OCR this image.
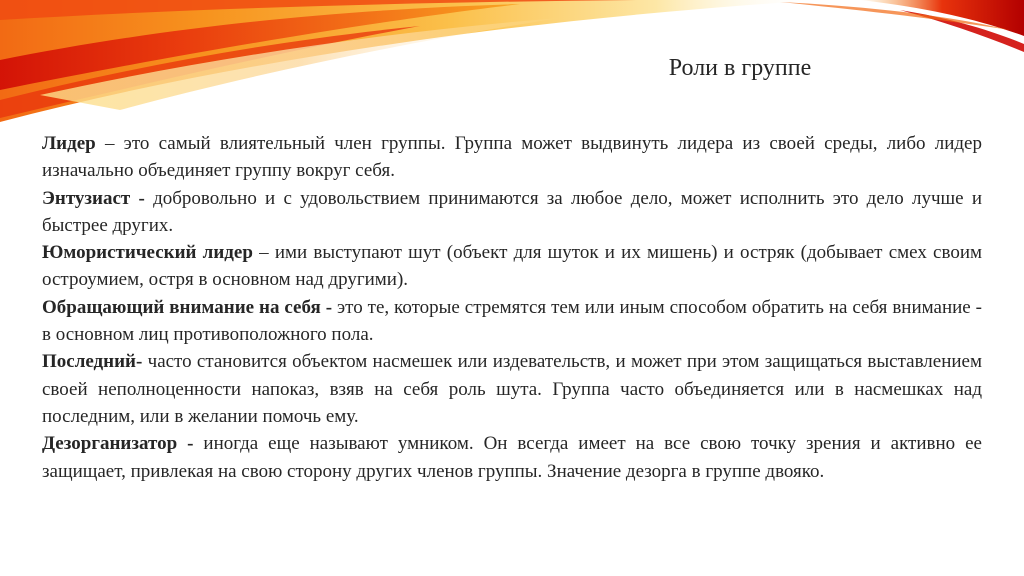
Роли в группе

Лидер – это самый влиятельный член группы. Группа может выдвинуть лидера из своей среды, либо лидер изначально объединяет группу вокруг себя.

Энтузиаст - добровольно и с удовольствием принимаются за любое дело, может исполнить это дело лучше и быстрее других.

Юмористический лидер – ими выступают шут (объект для шуток и их мишень) и остряк (добывает смех своим остроумием, остря в основном над другими).

Обращающий внимание на себя - это те, которые стремятся тем или иным способом обратить на себя внимание - в основном лиц противоположного пола.

Последний- часто становится объектом насмешек или издевательств, и может при этом защищаться выставлением своей неполноценности напоказ, взяв на себя роль шута. Группа часто объединяется или в насмешках над последним, или в желании помочь ему.

Дезорганизатор - иногда еще называют умником. Он всегда имеет на все свою точку зрения и активно ее защищает, привлекая на свою сторону других членов группы. Значение дезорга в группе двояко.
